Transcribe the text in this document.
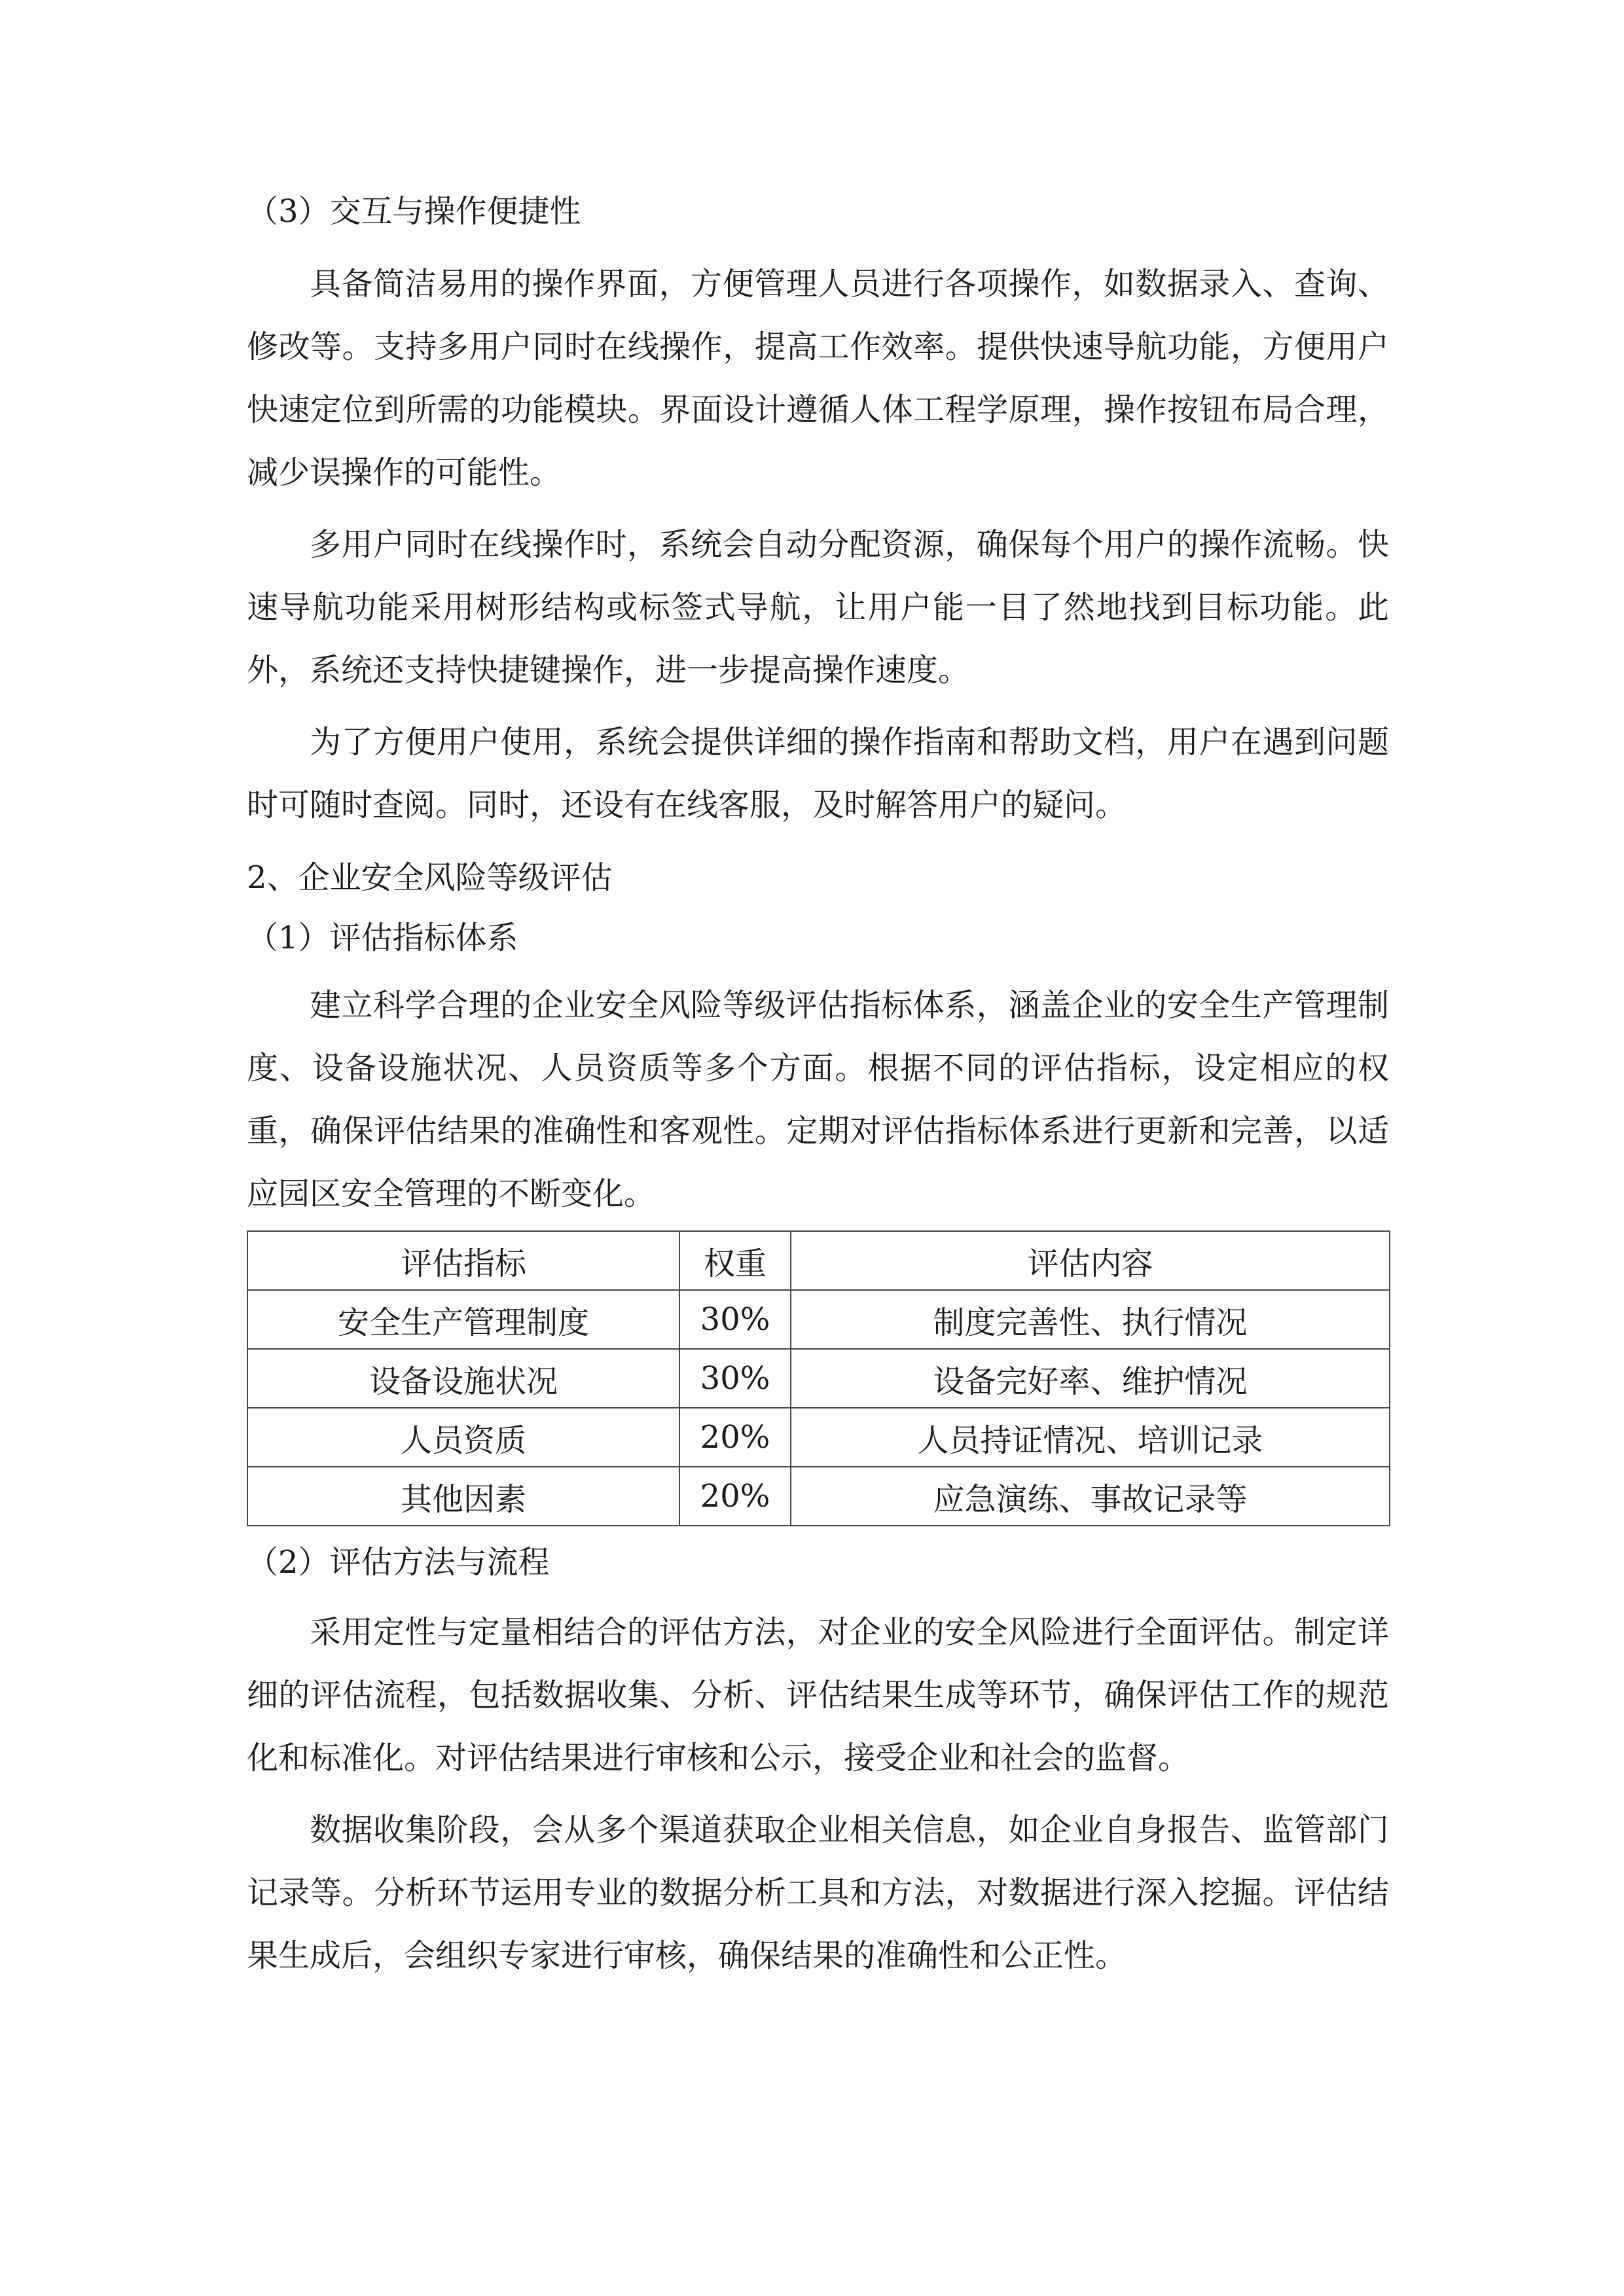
（3）交互与操作便捷性

具备简洁易用的操作界面，方便管理人员进行各项操作，如数据录入、查询、修改等。支持多用户同时在线操作，提高工作效率。提供快速导航功能，方便用户快速定位到所需的功能模块。界面设计遵循人体工程学原理，操作按钮布局合理，减少误操作的可能性。

多用户同时在线操作时，系统会自动分配资源，确保每个用户的操作流畅。快速导航功能采用树形结构或标签式导航，让用户能一目了然地找到目标功能。此外，系统还支持快捷键操作，进一步提高操作速度。

为了方便用户使用，系统会提供详细的操作指南和帮助文档，用户在遇到问题时可随时查阅。同时，还设有在线客服，及时解答用户的疑问。

2、企业安全风险等级评估

（1）评估指标体系

建立科学合理的企业安全风险等级评估指标体系，涵盖企业的安全生产管理制度、设备设施状况、人员资质等多个方面。根据不同的评估指标，设定相应的权重，确保评估结果的准确性和客观性。定期对评估指标体系进行更新和完善，以适应园区安全管理的不断变化。

评估指标	权重	评估内容
安全生产管理制度	30%	制度完善性、执行情况
设备设施状况	30%	设备完好率、维护情况
人员资质	20%	人员持证情况、培训记录
其他因素	20%	应急演练、事故记录等

（2）评估方法与流程

采用定性与定量相结合的评估方法，对企业的安全风险进行全面评估。制定详细的评估流程，包括数据收集、分析、评估结果生成等环节，确保评估工作的规范化和标准化。对评估结果进行审核和公示，接受企业和社会的监督。

数据收集阶段，会从多个渠道获取企业相关信息，如企业自身报告、监管部门记录等。分析环节运用专业的数据分析工具和方法，对数据进行深入挖掘。评估结果生成后，会组织专家进行审核，确保结果的准确性和公正性。
